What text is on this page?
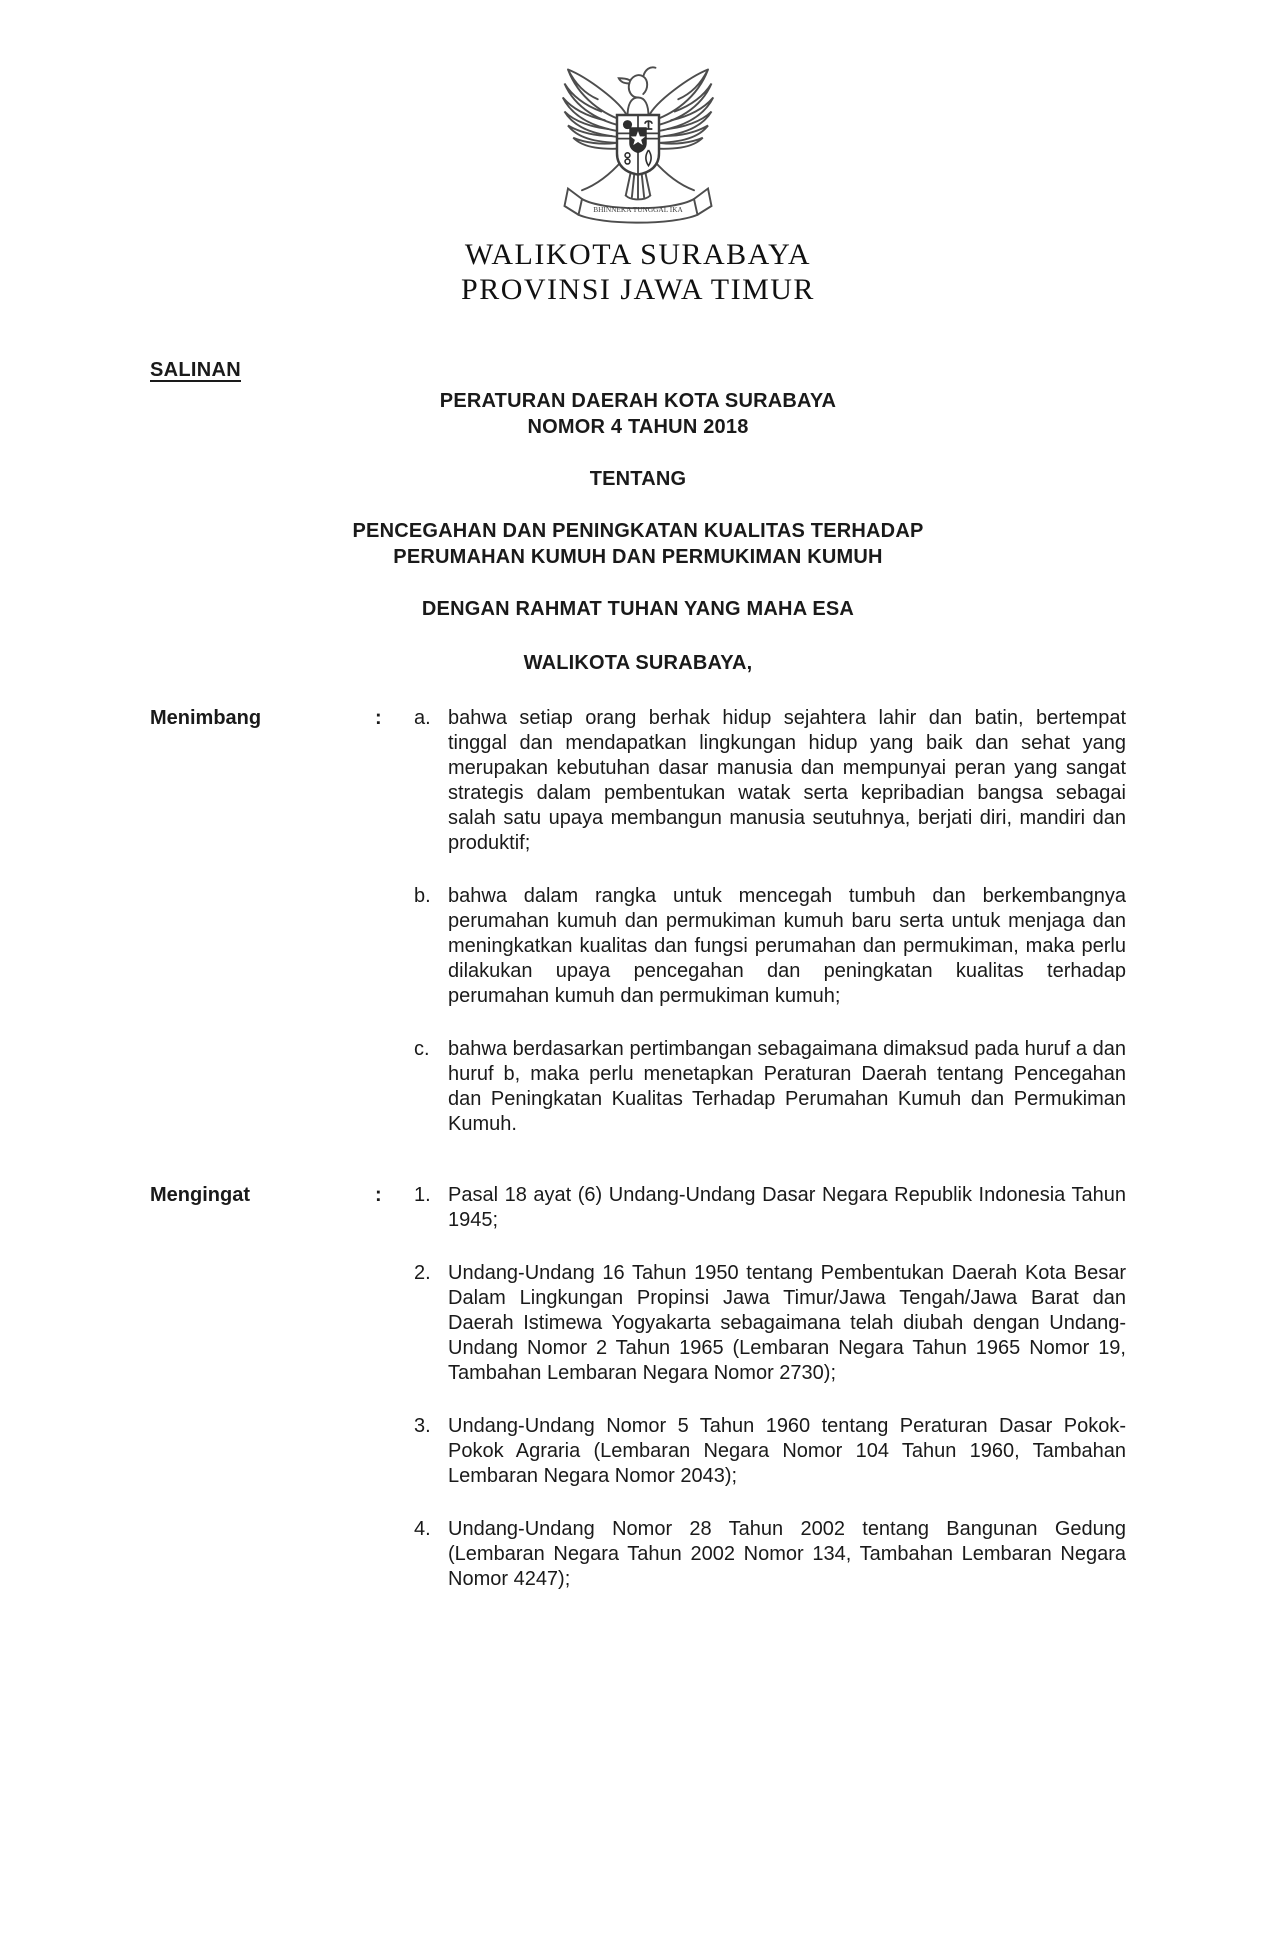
BHINNEKA TUNGGAL IKA
WALIKOTA SURABAYA
PROVINSI JAWA TIMUR
SALINAN
PERATURAN DAERAH KOTA SURABAYA
NOMOR 4 TAHUN 2018
TENTANG
PENCEGAHAN DAN PENINGKATAN KUALITAS TERHADAP
PERUMAHAN KUMUH DAN PERMUKIMAN KUMUH
DENGAN RAHMAT TUHAN YANG MAHA ESA
WALIKOTA SURABAYA,
Menimbang	:	a. bahwa setiap orang berhak hidup sejahtera lahir dan batin, bertempat tinggal dan mendapatkan lingkungan hidup yang baik dan sehat yang merupakan kebutuhan dasar manusia dan mempunyai peran yang sangat strategis dalam pembentukan watak serta kepribadian bangsa sebagai salah satu upaya membangun manusia seutuhnya, berjati diri, mandiri dan produktif;
b. bahwa dalam rangka untuk mencegah tumbuh dan berkembangnya perumahan kumuh dan permukiman kumuh baru serta untuk menjaga dan meningkatkan kualitas dan fungsi perumahan dan permukiman, maka perlu dilakukan upaya pencegahan dan peningkatan kualitas terhadap perumahan kumuh dan permukiman kumuh;
c. bahwa berdasarkan pertimbangan sebagaimana dimaksud pada huruf a dan huruf b, maka perlu menetapkan Peraturan Daerah tentang Pencegahan dan Peningkatan Kualitas Terhadap Perumahan Kumuh dan Permukiman Kumuh.
Mengingat	:	1. Pasal 18 ayat (6) Undang-Undang Dasar Negara Republik Indonesia Tahun 1945;
2. Undang-Undang 16 Tahun 1950 tentang Pembentukan Daerah Kota Besar Dalam Lingkungan Propinsi Jawa Timur/Jawa Tengah/Jawa Barat dan Daerah Istimewa Yogyakarta sebagaimana telah diubah dengan Undang-Undang Nomor 2 Tahun 1965 (Lembaran Negara Tahun 1965 Nomor 19, Tambahan Lembaran Negara Nomor 2730);
3. Undang-Undang Nomor 5 Tahun 1960 tentang Peraturan Dasar Pokok-Pokok Agraria (Lembaran Negara Nomor 104 Tahun 1960, Tambahan Lembaran Negara Nomor 2043);
4. Undang-Undang Nomor 28 Tahun 2002 tentang Bangunan Gedung (Lembaran Negara Tahun 2002 Nomor 134, Tambahan Lembaran Negara Nomor 4247);
